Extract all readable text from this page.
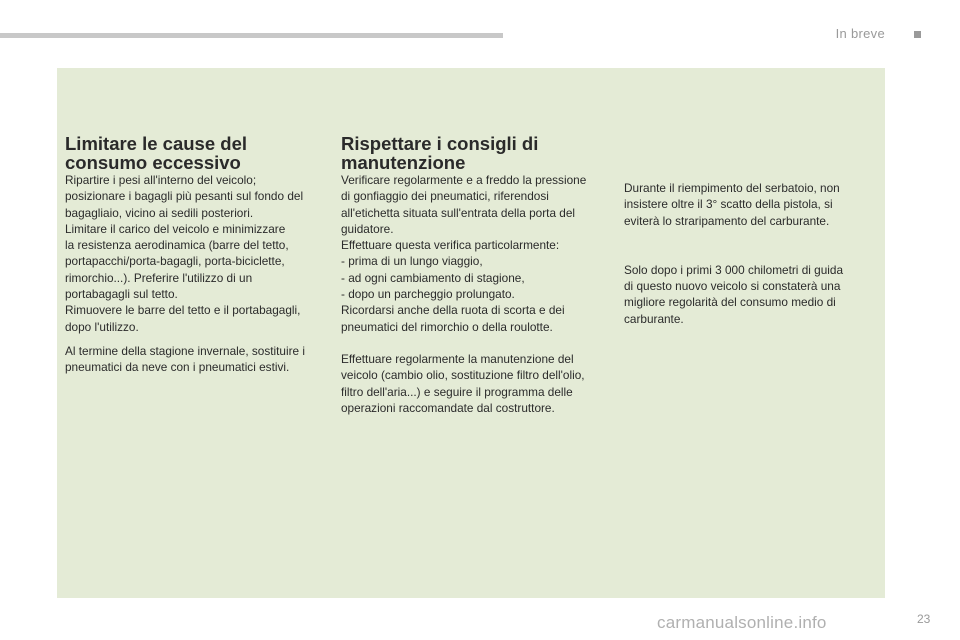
In breve
Limitare le cause del
consumo eccessivo

Ripartire i pesi all'interno del veicolo;
posizionare i bagagli più pesanti sul fondo del
bagagliaio, vicino ai sedili posteriori.
Limitare il carico del veicolo e minimizzare
la resistenza aerodinamica (barre del tetto,
portapacchi/porta-bagagli, porta-biciclette,
rimorchio...). Preferire l'utilizzo di un
portabagagli sul tetto.
Rimuovere le barre del tetto e il portabagagli,
dopo l'utilizzo.

Al termine della stagione invernale, sostituire i
pneumatici da neve con i pneumatici estivi.

Rispettare i consigli di
manutenzione

Verificare regolarmente e a freddo la pressione
di gonfiaggio dei pneumatici, riferendosi
all'etichetta situata sull'entrata della porta del
guidatore.
Effettuare questa verifica particolarmente:
- prima di un lungo viaggio,
- ad ogni cambiamento di stagione,
- dopo un parcheggio prolungato.
Ricordarsi anche della ruota di scorta e dei
pneumatici del rimorchio o della roulotte.

Effettuare regolarmente la manutenzione del
veicolo (cambio olio, sostituzione filtro dell'olio,
filtro dell'aria...) e seguire il programma delle
operazioni raccomandate dal costruttore.

Durante il riempimento del serbatoio, non
insistere oltre il 3° scatto della pistola, si
eviterà lo straripamento del carburante.

Solo dopo i primi 3 000 chilometri di guida
di questo nuovo veicolo si constaterà una
migliore regolarità del consumo medio di
carburante.

23
carmanualsonline.info
